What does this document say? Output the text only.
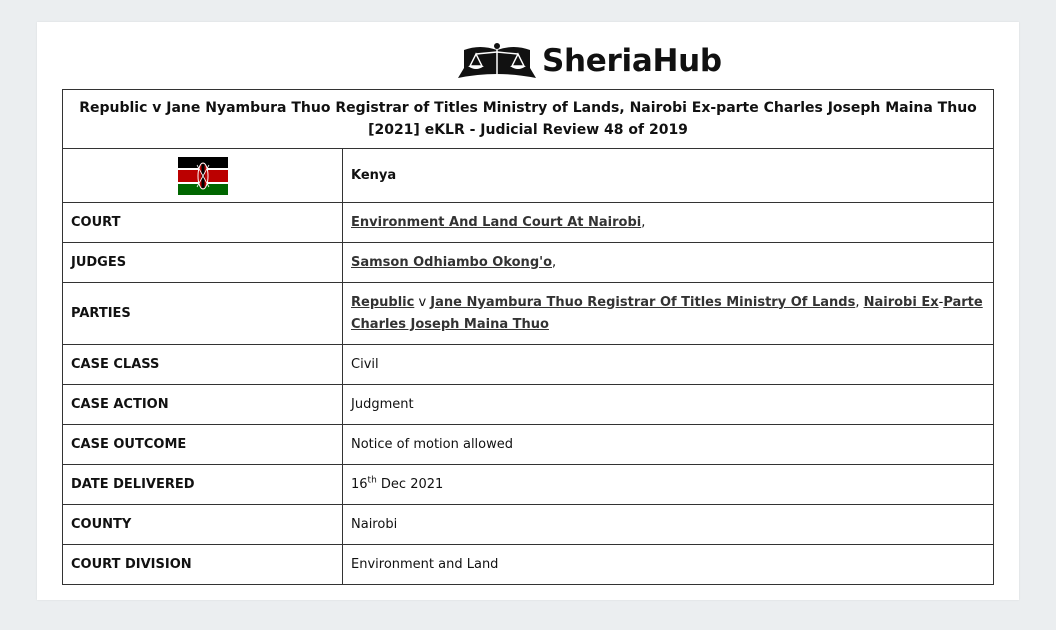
SheriaHub
Republic v Jane Nyambura Thuo Registrar of Titles Ministry of Lands, Nairobi Ex-parte Charles Joseph Maina Thuo [2021] eKLR - Judicial Review 48 of 2019	
	Kenya
COURT	Environment And Land Court At Nairobi,
JUDGES	Samson Odhiambo Okong'o,
PARTIES	Republic v Jane Nyambura Thuo Registrar Of Titles Ministry Of Lands, Nairobi Ex-Parte Charles Joseph Maina Thuo
CASE CLASS	Civil
CASE ACTION	Judgment
CASE OUTCOME	Notice of motion allowed
DATE DELIVERED	16th Dec 2021
COUNTY	Nairobi
COURT DIVISION	Environment and Land
